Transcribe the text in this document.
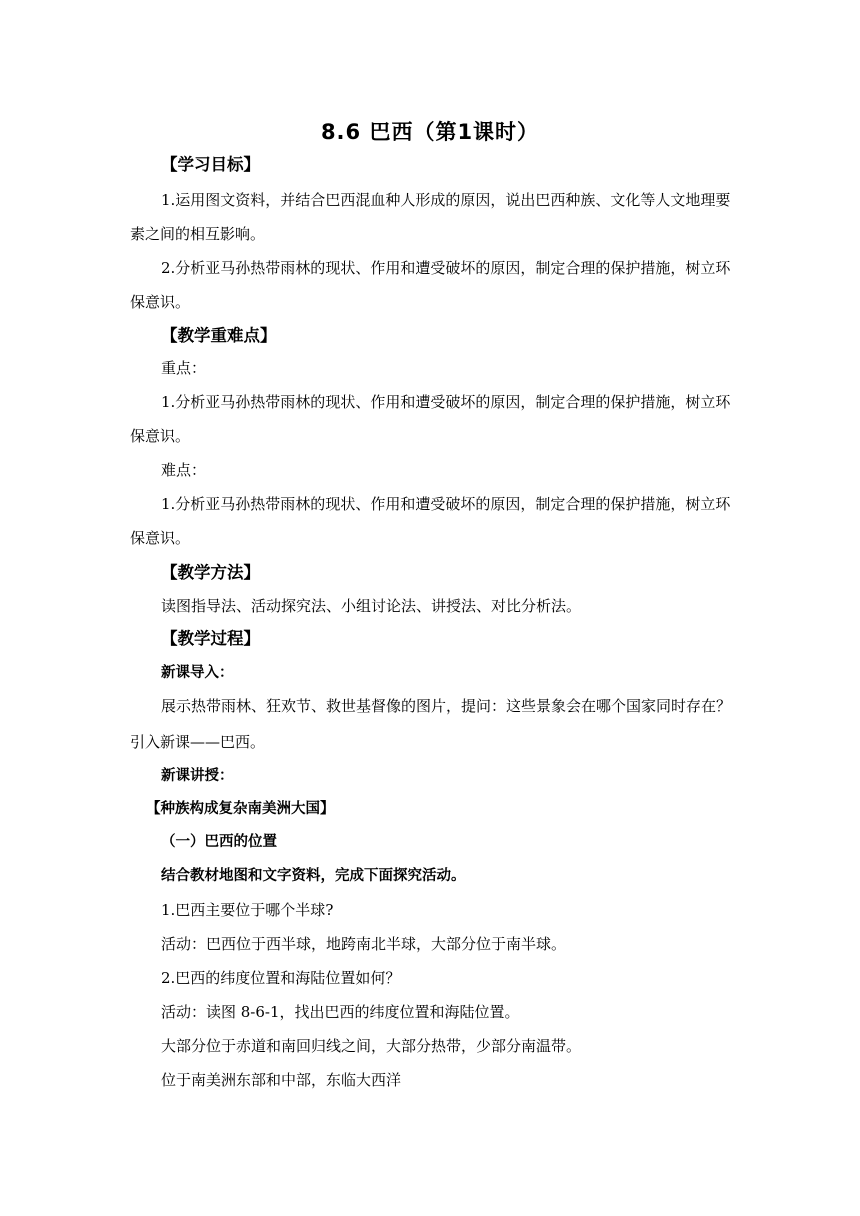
8.6 巴西（第1课时）
【学习目标】
1.运用图文资料，并结合巴西混血种人形成的原因，说出巴西种族、文化等人文地理要
素之间的相互影响。
2.分析亚马孙热带雨林的现状、作用和遭受破坏的原因，制定合理的保护措施，树立环
保意识。
【教学重难点】
重点：
1.分析亚马孙热带雨林的现状、作用和遭受破坏的原因，制定合理的保护措施，树立环
保意识。
难点：
1.分析亚马孙热带雨林的现状、作用和遭受破坏的原因，制定合理的保护措施，树立环
保意识。
【教学方法】
读图指导法、活动探究法、小组讨论法、讲授法、对比分析法。
【教学过程】
新课导入：
展示热带雨林、狂欢节、救世基督像的图片，提问：这些景象会在哪个国家同时存在？
引入新课——巴西。
新课讲授：
【种族构成复杂南美洲大国】
（一）巴西的位置
结合教材地图和文字资料，完成下面探究活动。
1.巴西主要位于哪个半球?
活动：巴西位于西半球，地跨南北半球，大部分位于南半球。
2.巴西的纬度位置和海陆位置如何？
活动：读图 8-6-1，找出巴西的纬度位置和海陆位置。
大部分位于赤道和南回归线之间，大部分热带，少部分南温带。
位于南美洲东部和中部，东临大西洋
